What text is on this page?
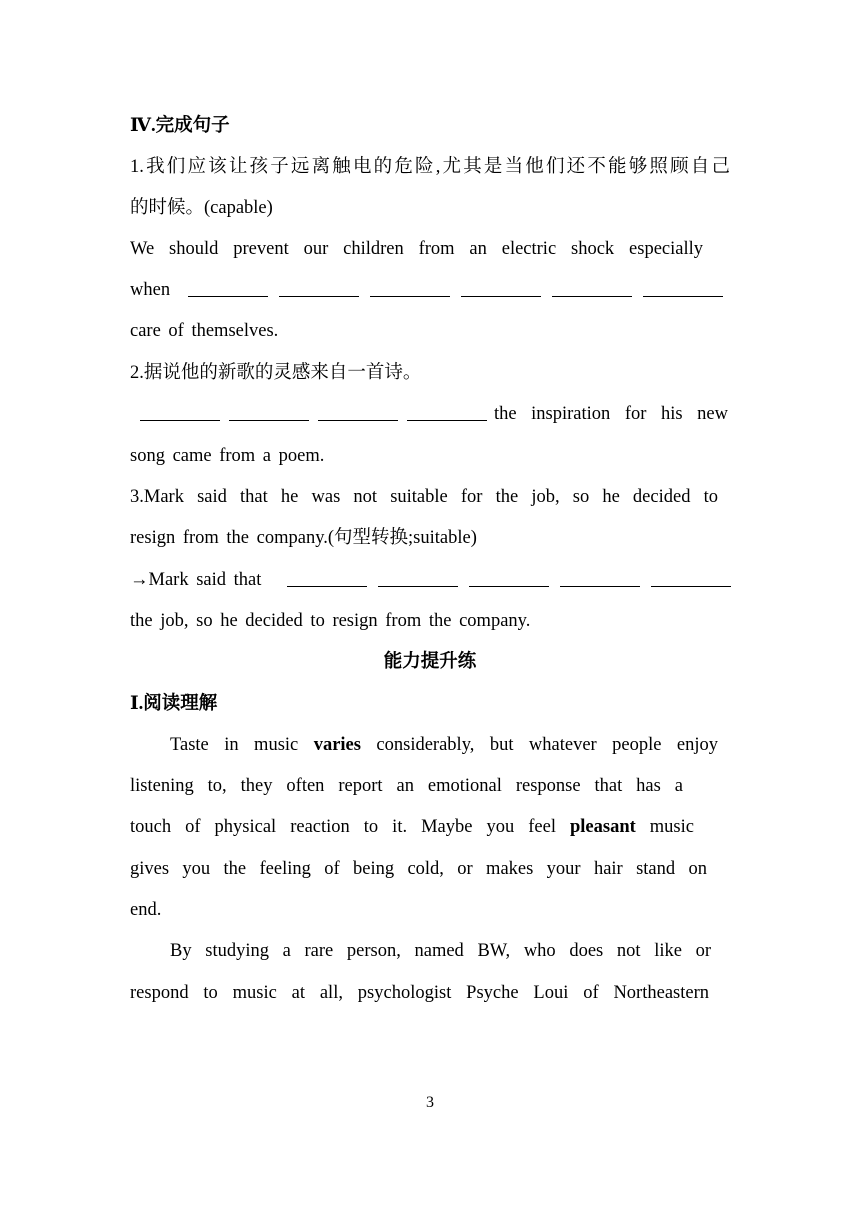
Ⅳ.完成句子
1.我们应该让孩子远离触电的危险,尤其是当他们还不能够照顾自己
的时候。(capable)
We should prevent our children from an electric shock especially
when
care of themselves.
2.据说他的新歌的灵感来自一首诗。
the inspiration for his new
song came from a poem.
3.Mark said that he was not suitable for the job, so he decided to
resign from the company.(句型转换;suitable)
→Mark said that
the job, so he decided to resign from the company.
能力提升练
Ⅰ.阅读理解
Taste in music varies considerably, but whatever people enjoy
listening to, they often report an emotional response that has a
touch of physical reaction to it. Maybe you feel pleasant music
gives you the feeling of being cold, or makes your hair stand on
end.
By studying a rare person, named BW, who does not like or
respond to music at all, psychologist Psyche Loui of Northeastern
3
